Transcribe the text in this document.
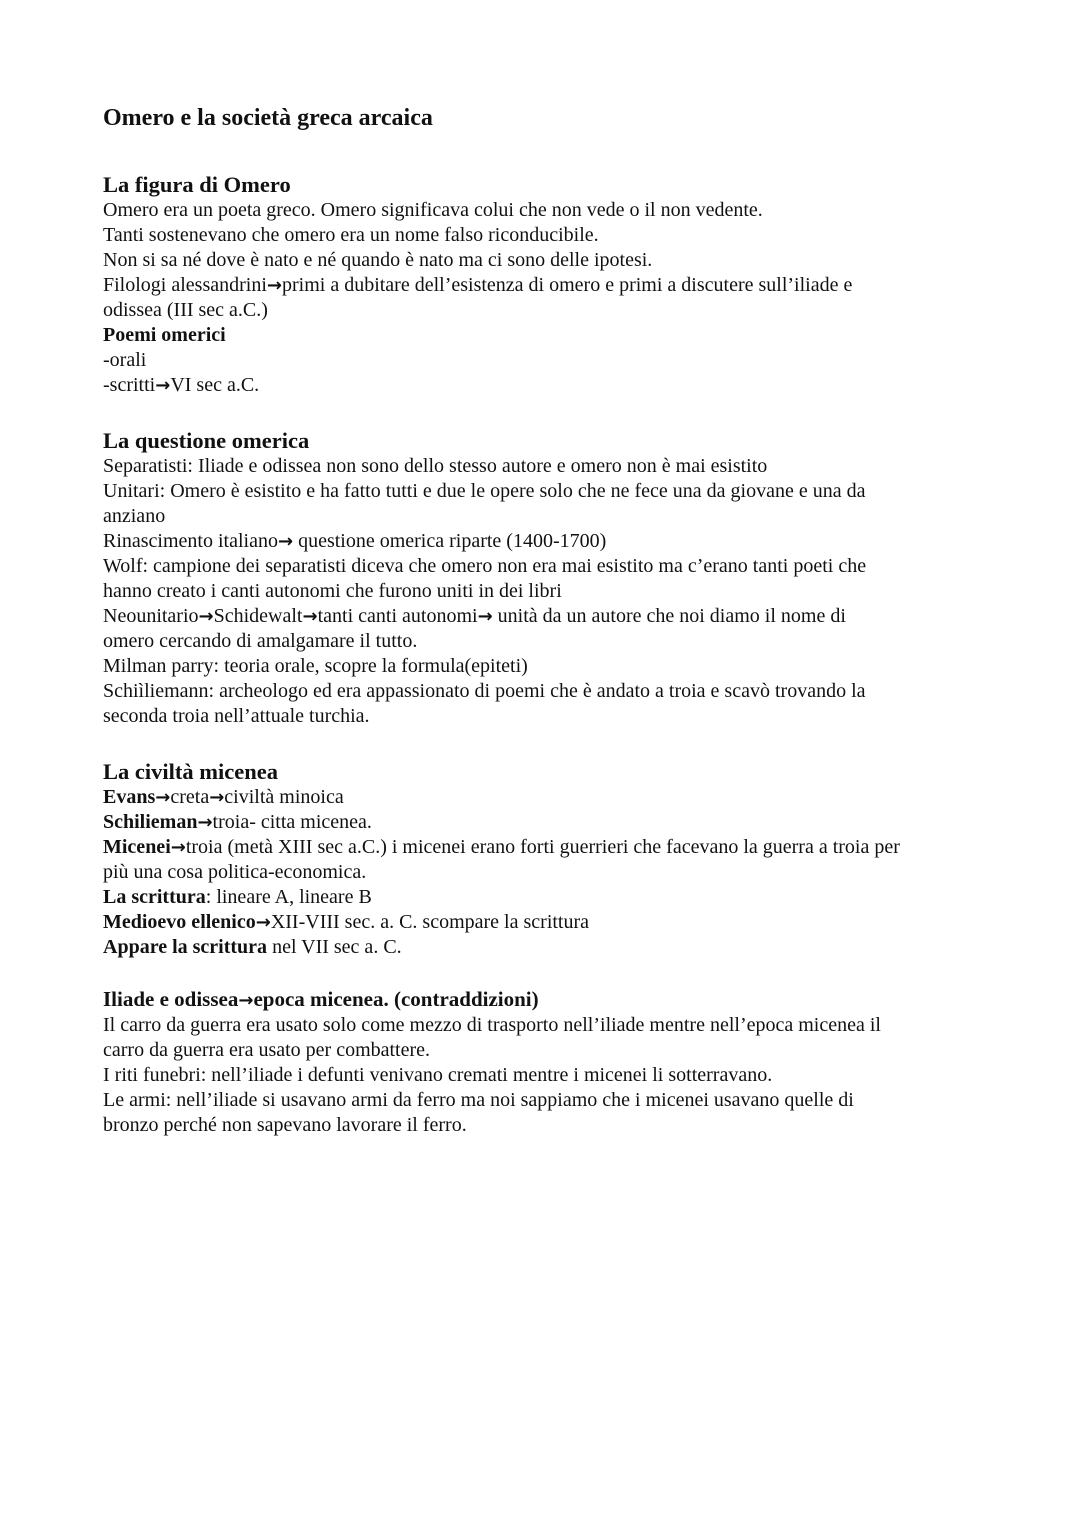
Omero e la società greca arcaica
La figura di Omero

Omero era un poeta greco. Omero significava colui che non vede o il non vedente.

Tanti sostenevano che omero era un nome falso riconducibile.

Non si sa né dove è nato e né quando è nato ma ci sono delle ipotesi.

Filologi alessandrini→primi a dubitare dell’esistenza di omero e primi a discutere sull’iliade e

odissea (III sec a.C.)

Poemi omerici

-orali

-scritti→VI sec a.C.

La questione omerica

Separatisti: Iliade e odissea non sono dello stesso autore e omero non è mai esistito

Unitari: Omero è esistito e ha fatto tutti e due le opere solo che ne fece una da giovane e una da

anziano

Rinascimento italiano→ questione omerica riparte (1400-1700)

Wolf: campione dei separatisti diceva che omero non era mai esistito ma c’erano tanti poeti che

hanno creato i canti autonomi che furono uniti in dei libri

Neounitario→Schidewalt→tanti canti autonomi→ unità da un autore che noi diamo il nome di

omero cercando di amalgamare il tutto.

Milman parry: teoria orale, scopre la formula(epiteti)

Schiìliemann: archeologo ed era appassionato di poemi che è andato a troia e scavò trovando la

seconda troia nell’attuale turchia.

La civiltà micenea

Evans→creta→civiltà minoica

Schilieman→troia- citta micenea.

Micenei→troia (metà XIII sec a.C.) i micenei erano forti guerrieri che facevano la guerra a troia per

più una cosa politica-economica.

La scrittura: lineare A, lineare B

Medioevo ellenico→XII-VIII sec. a. C. scompare la scrittura

Appare la scrittura nel VII sec a. C.

Iliade e odissea→epoca micenea. (contraddizioni)

Il carro da guerra era usato solo come mezzo di trasporto nell’iliade mentre nell’epoca micenea il

carro da guerra era usato per combattere.

I riti funebri: nell’iliade i defunti venivano cremati mentre i micenei li sotterravano.

Le armi: nell’iliade si usavano armi da ferro ma noi sappiamo che i micenei usavano quelle di

bronzo perché non sapevano lavorare il ferro.
